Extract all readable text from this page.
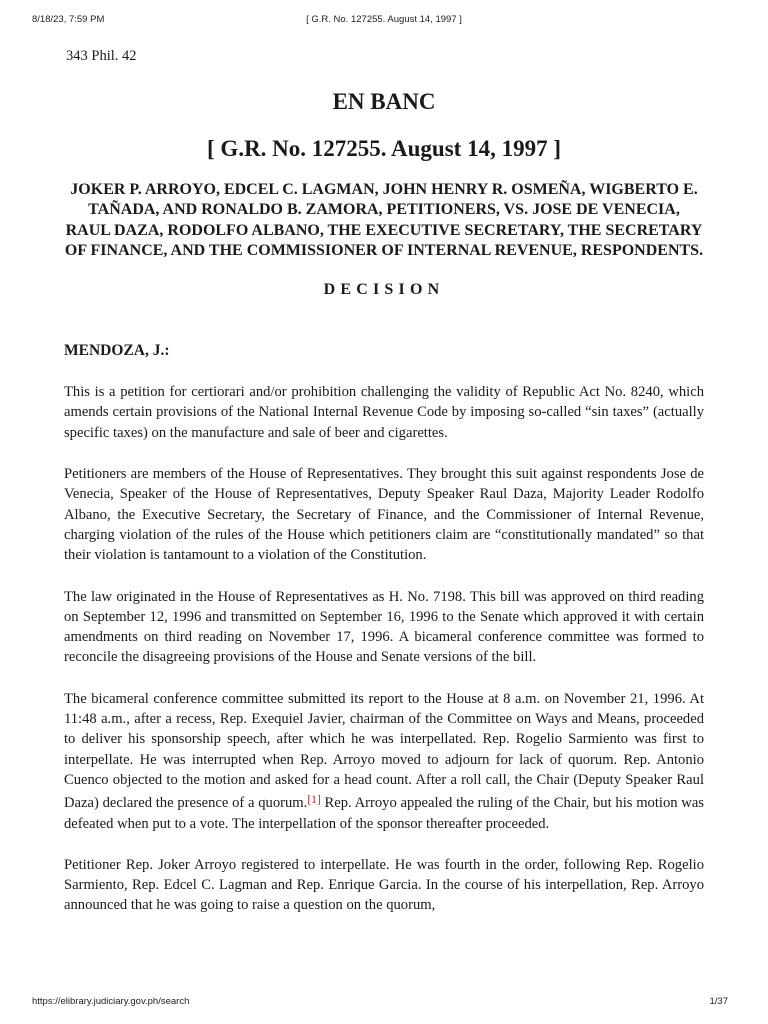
8/18/23, 7:59 PM	[ G.R. No. 127255. August 14, 1997 ]
343 Phil. 42
EN BANC
[ G.R. No. 127255. August 14, 1997 ]
JOKER P. ARROYO, EDCEL C. LAGMAN, JOHN HENRY R. OSMEÑA, WIGBERTO E. TAÑADA, AND RONALDO B. ZAMORA, PETITIONERS, VS. JOSE DE VENECIA, RAUL DAZA, RODOLFO ALBANO, THE EXECUTIVE SECRETARY, THE SECRETARY OF FINANCE, AND THE COMMISSIONER OF INTERNAL REVENUE, RESPONDENTS.
DECISION
MENDOZA, J.:

This is a petition for certiorari and/or prohibition challenging the validity of Republic Act No. 8240, which amends certain provisions of the National Internal Revenue Code by imposing so-called “sin taxes” (actually specific taxes) on the manufacture and sale of beer and cigarettes.

Petitioners are members of the House of Representatives. They brought this suit against respondents Jose de Venecia, Speaker of the House of Representatives, Deputy Speaker Raul Daza, Majority Leader Rodolfo Albano, the Executive Secretary, the Secretary of Finance, and the Commissioner of Internal Revenue, charging violation of the rules of the House which petitioners claim are “constitutionally mandated” so that their violation is tantamount to a violation of the Constitution.

The law originated in the House of Representatives as H. No. 7198. This bill was approved on third reading on September 12, 1996 and transmitted on September 16, 1996 to the Senate which approved it with certain amendments on third reading on November 17, 1996. A bicameral conference committee was formed to reconcile the disagreeing provisions of the House and Senate versions of the bill.

The bicameral conference committee submitted its report to the House at 8 a.m. on November 21, 1996. At 11:48 a.m., after a recess, Rep. Exequiel Javier, chairman of the Committee on Ways and Means, proceeded to deliver his sponsorship speech, after which he was interpellated. Rep. Rogelio Sarmiento was first to interpellate. He was interrupted when Rep. Arroyo moved to adjourn for lack of quorum. Rep. Antonio Cuenco objected to the motion and asked for a head count. After a roll call, the Chair (Deputy Speaker Raul Daza) declared the presence of a quorum.[1] Rep. Arroyo appealed the ruling of the Chair, but his motion was defeated when put to a vote. The interpellation of the sponsor thereafter proceeded.

Petitioner Rep. Joker Arroyo registered to interpellate. He was fourth in the order, following Rep. Rogelio Sarmiento, Rep. Edcel C. Lagman and Rep. Enrique Garcia. In the course of his interpellation, Rep. Arroyo announced that he was going to raise a question on the quorum,

https://elibrary.judiciary.gov.ph/search	1/37
